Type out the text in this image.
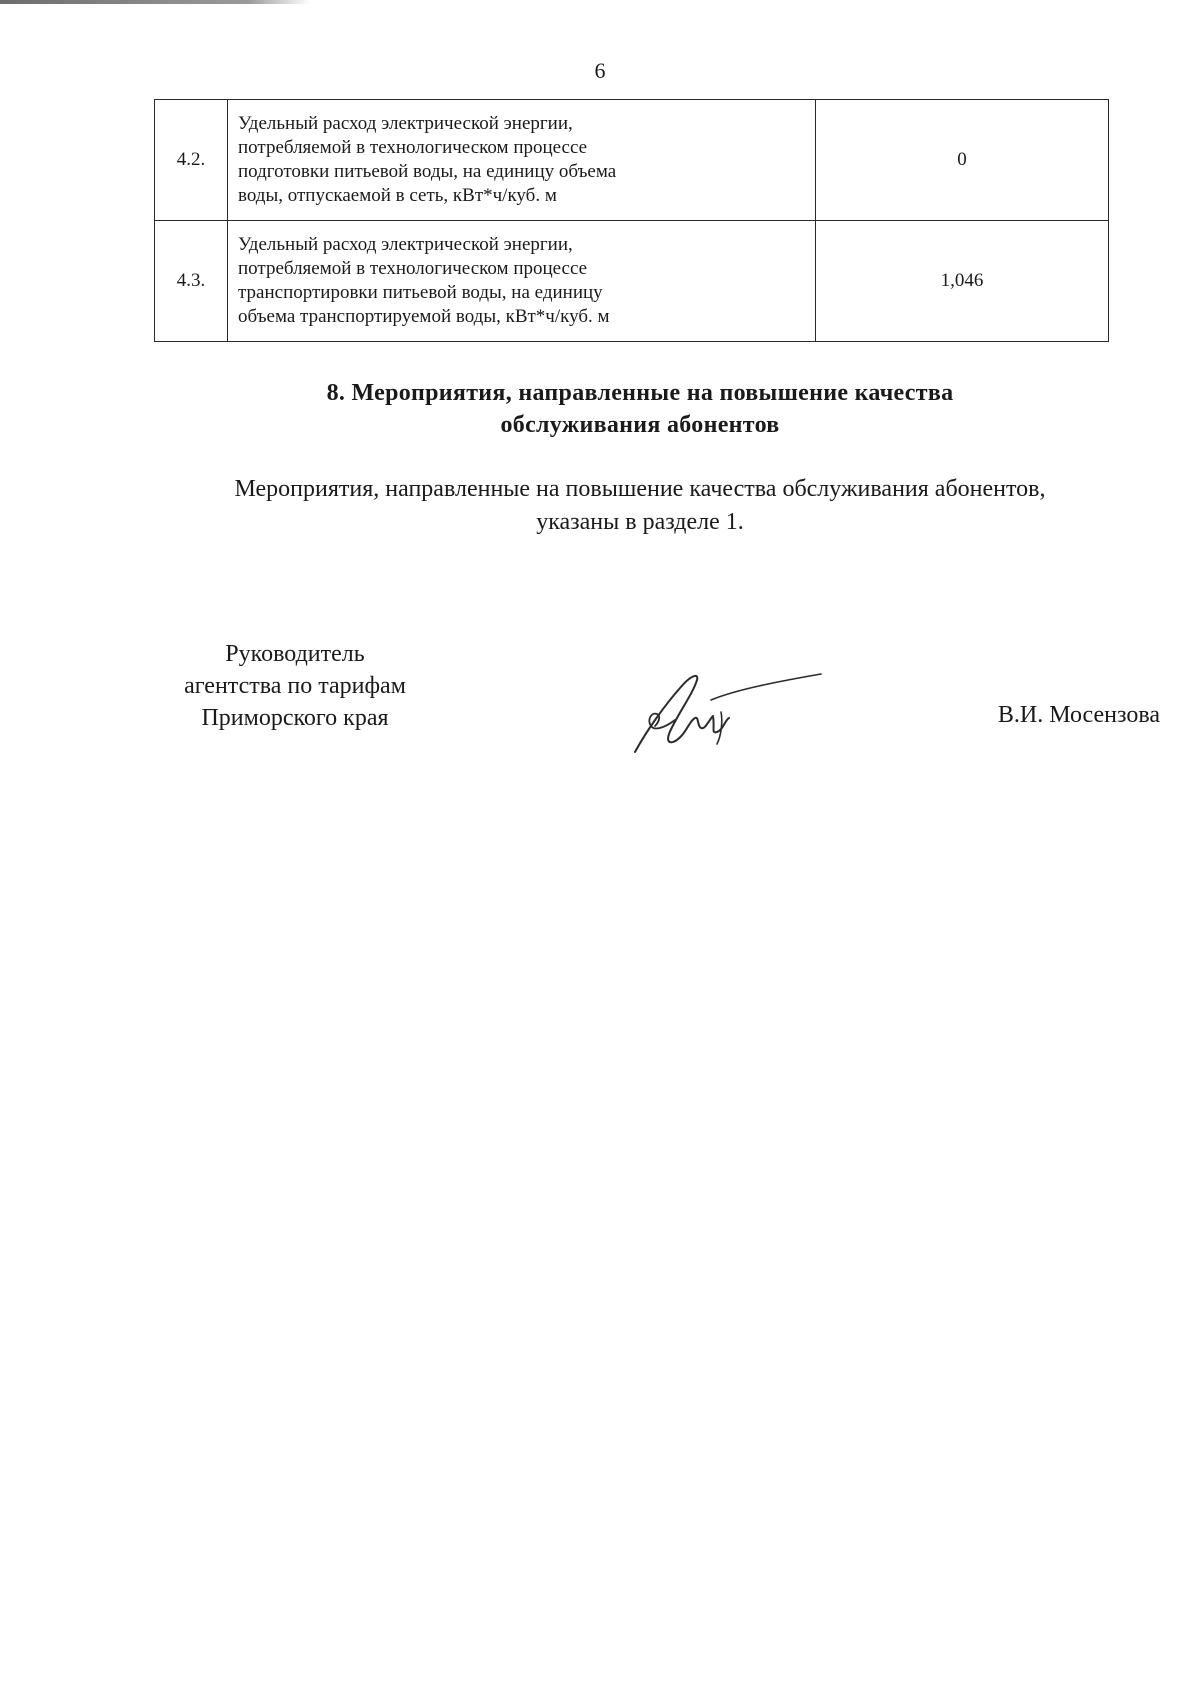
6
4.2.	Удельный расход электрической энергии,
потребляемой в технологическом процессе
подготовки питьевой воды, на единицу объема
воды, отпускаемой в сеть, кВт*ч/куб. м	0
4.3.	Удельный расход электрической энергии,
потребляемой в технологическом процессе
транспортировки питьевой воды, на единицу
объема транспортируемой воды, кВт*ч/куб. м	1,046
8. Мероприятия, направленные на повышение качества
обслуживания абонентов
Мероприятия, направленные на повышение качества обслуживания абонентов,
указаны в разделе 1.
Руководитель
агентства по тарифам
Приморского края	В.И. Мосензова
